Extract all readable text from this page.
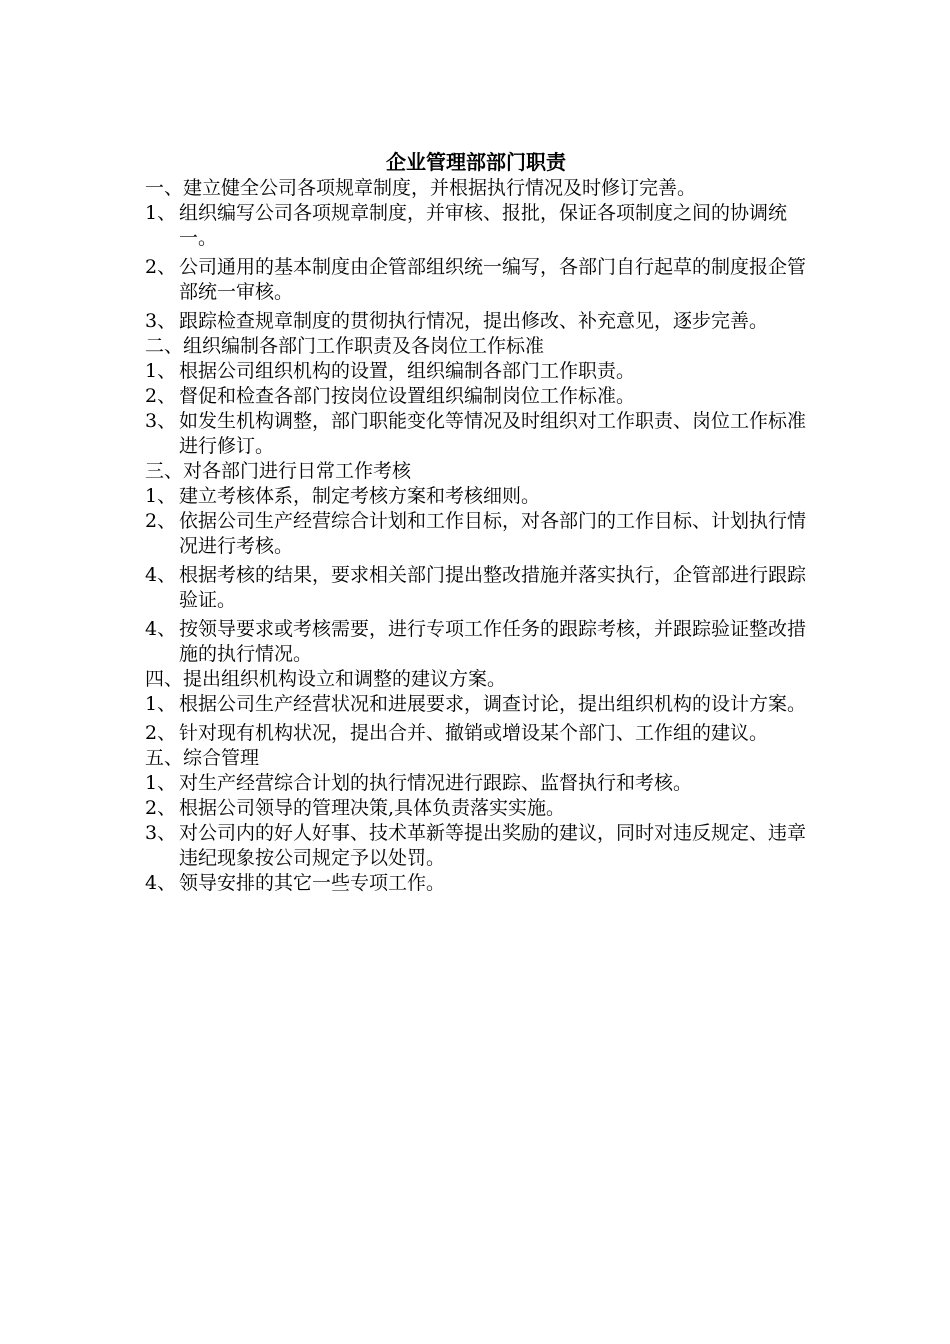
企业管理部部门职责
一、建立健全公司各项规章制度，并根据执行情况及时修订完善。
1、 组织编写公司各项规章制度，并审核、报批，保证各项制度之间的协调统一。
2、 公司通用的基本制度由企管部组织统一编写，各部门自行起草的制度报企管部统一审核。
3、 跟踪检查规章制度的贯彻执行情况，提出修改、补充意见，逐步完善。
二、组织编制各部门工作职责及各岗位工作标准
1、 根据公司组织机构的设置，组织编制各部门工作职责。
2、 督促和检查各部门按岗位设置组织编制岗位工作标准。
3、 如发生机构调整，部门职能变化等情况及时组织对工作职责、岗位工作标准进行修订。
三、对各部门进行日常工作考核
1、 建立考核体系，制定考核方案和考核细则。
2、 依据公司生产经营综合计划和工作目标，对各部门的工作目标、计划执行情况进行考核。
4、 根据考核的结果，要求相关部门提出整改措施并落实执行，企管部进行跟踪验证。
4、 按领导要求或考核需要，进行专项工作任务的跟踪考核，并跟踪验证整改措施的执行情况。
四、提出组织机构设立和调整的建议方案。
1、 根据公司生产经营状况和进展要求，调查讨论，提出组织机构的设计方案。
2、 针对现有机构状况，提出合并、撤销或增设某个部门、工作组的建议。
五、综合管理
1、 对生产经营综合计划的执行情况进行跟踪、监督执行和考核。
2、 根据公司领导的管理决策,具体负责落实实施。
3、 对公司内的好人好事、技术革新等提出奖励的建议，同时对违反规定、违章违纪现象按公司规定予以处罚。
4、 领导安排的其它一些专项工作。
